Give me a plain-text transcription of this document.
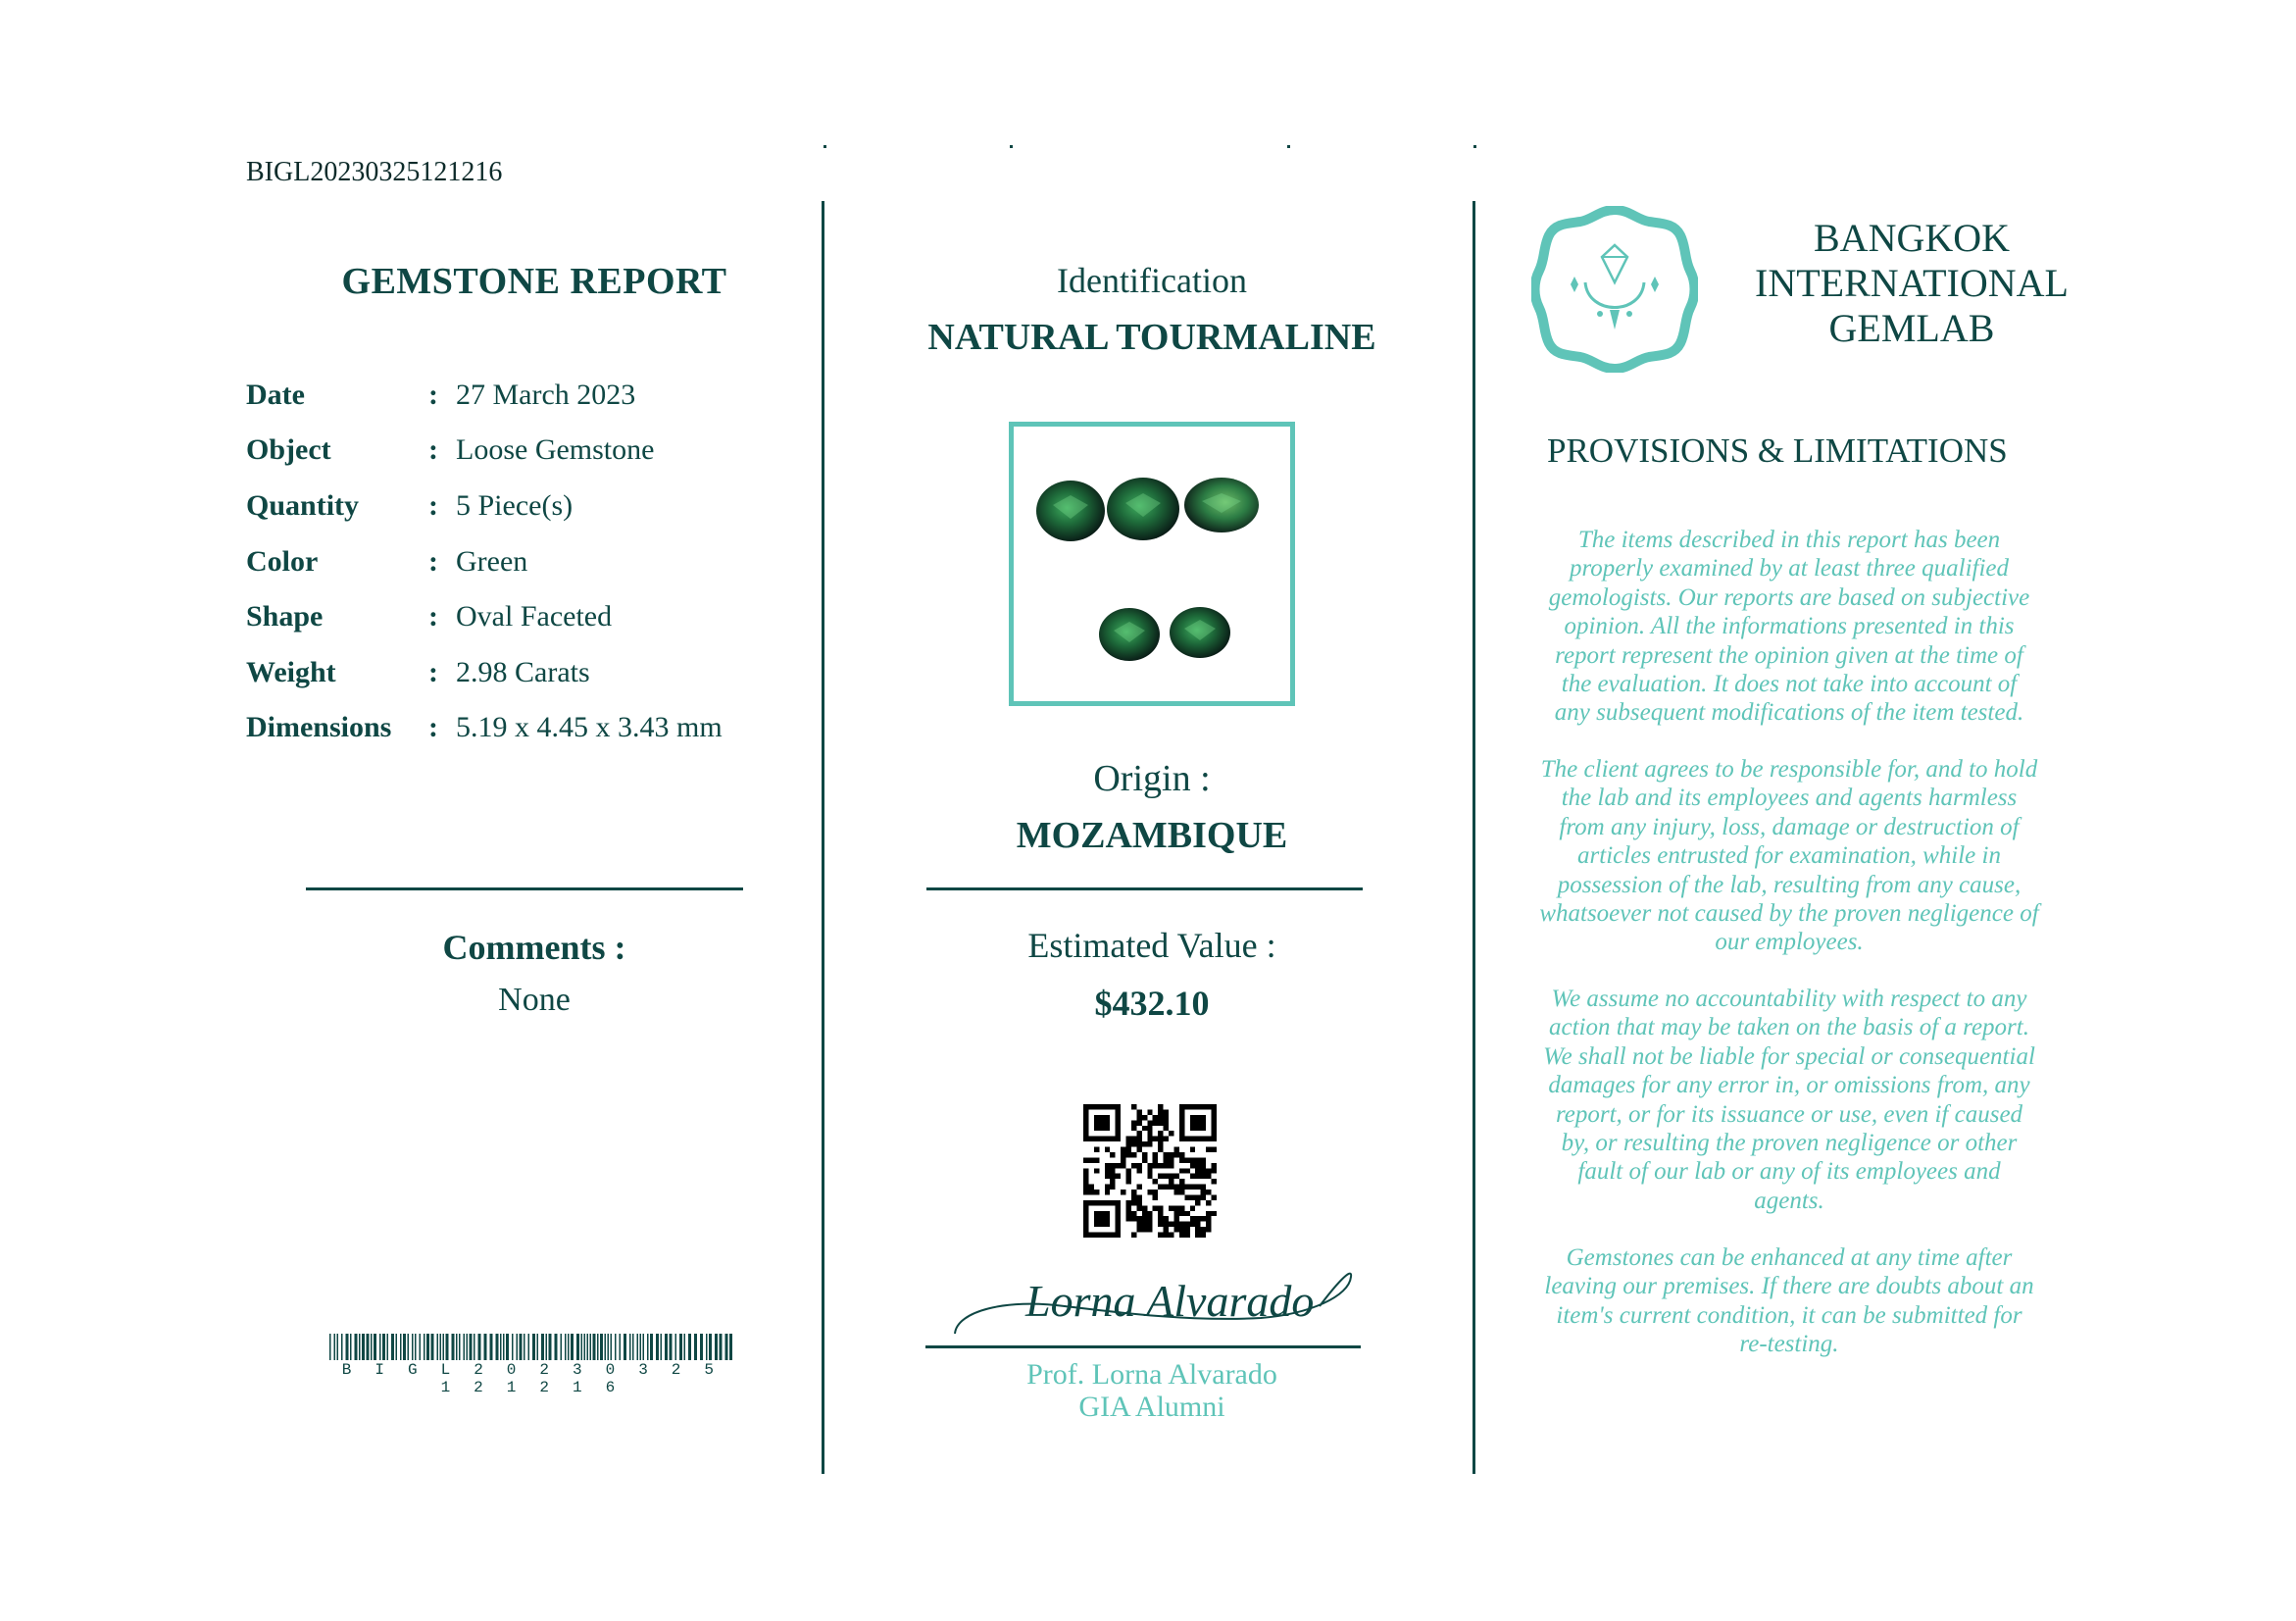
BIGL20230325121216
GEMSTONE REPORT
Date	: 27 March 2023
Object	: Loose Gemstone
Quantity : 5 Piece(s)
Color	: Green
Shape	: Oval Faceted
Weight	: 2.98 Carats
Dimensions : 5.19 x 4.45 x 3.43 mm
Comments :
None
B I G L 2 0 2 3 0 3 2 5 1 2 1 2 1 6
Identification
NATURAL TOURMALINE
Origin :
MOZAMBIQUE
Estimated Value :
$432.10
Lorna Alvarado
Prof. Lorna Alvarado
GIA Alumni
BANGKOK
INTERNATIONAL
GEMLAB
PROVISIONS & LIMITATIONS
The items described in this report has been
properly examined by at least three qualified
gemologists. Our reports are based on subjective
opinion. All the informations presented in this
report represent the opinion given at the time of
the evaluation. It does not take into account of
any subsequent modifications of the item tested.
The client agrees to be responsible for, and to hold
the lab and its employees and agents harmless
from any injury, loss, damage or destruction of
articles entrusted for examination, while in
possession of the lab, resulting from any cause,
whatsoever not caused by the proven negligence of
our employees.
We assume no accountability with respect to any
action that may be taken on the basis of a report.
We shall not be liable for special or consequential
damages for any error in, or omissions from, any
report, or for its issuance or use, even if caused
by, or resulting the proven negligence or other
fault of our lab or any of its employees and
agents.
Gemstones can be enhanced at any time after
leaving our premises. If there are doubts about an
item's current condition, it can be submitted for
re-testing.
